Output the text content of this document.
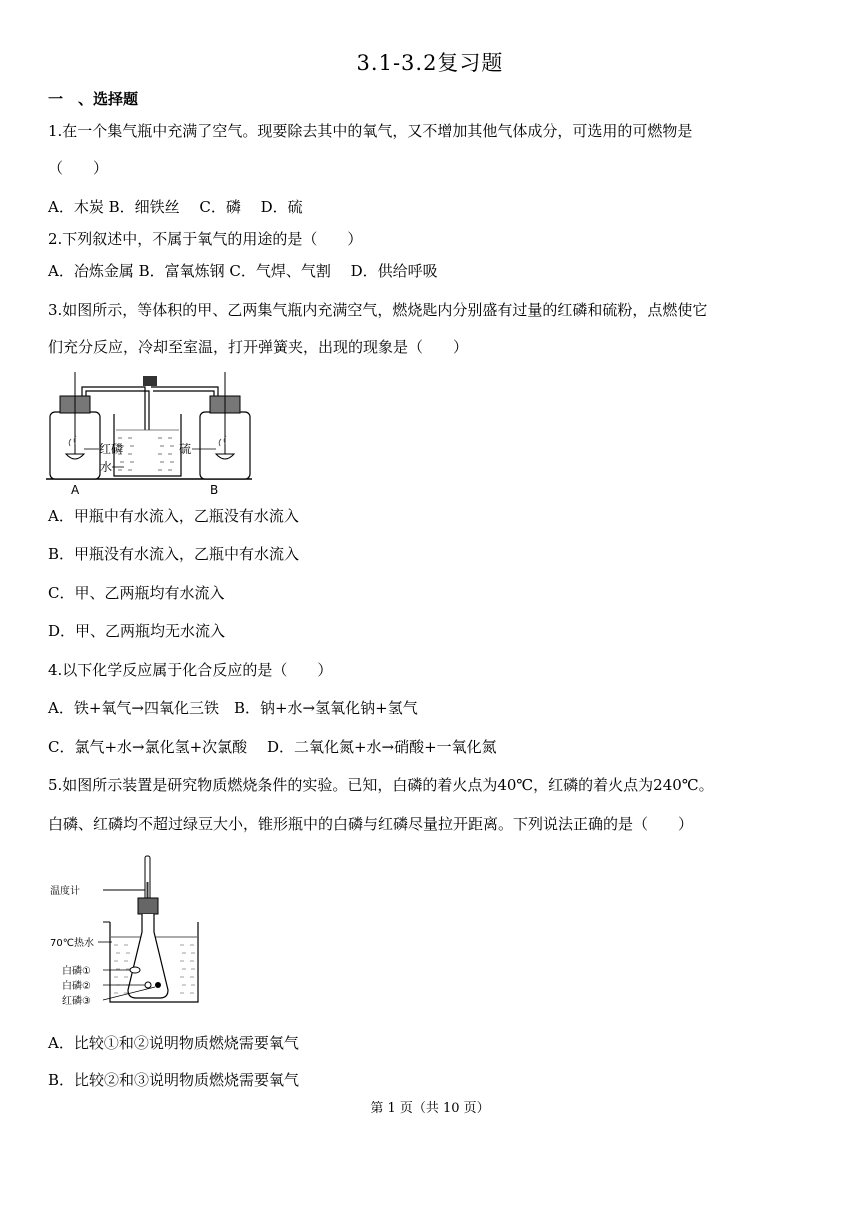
3.1-3.2复习题
一　、选择题
1.在一个集气瓶中充满了空气。现要除去其中的氧气，又不增加其他气体成分，可选用的可燃物是
（　　）
A．木炭 B．细铁丝　 C．磷　 D．硫
2.下列叙述中，不属于氧气的用途的是（　　）
A．冶炼金属 B．富氧炼钢 C．气焊、气割　 D．供给呼吸
3.如图所示，等体积的甲、乙两集气瓶内充满空气，燃烧匙内分别盛有过量的红磷和硫粉，点燃使它
们充分反应，冷却至室温，打开弹簧夹，出现的现象是（　　）
红磷
水
硫
A	B
A．甲瓶中有水流入，乙瓶没有水流入
B．甲瓶没有水流入，乙瓶中有水流入
C．甲、乙两瓶均有水流入
D．甲、乙两瓶均无水流入
4.以下化学反应属于化合反应的是（　　）
A．铁+氧气→四氧化三铁　B．钠+水→氢氧化钠+氢气
C．氯气+水→氯化氢+次氯酸　 D．二氧化氮+水→硝酸+一氧化氮
5.如图所示装置是研究物质燃烧条件的实验。已知，白磷的着火点为40℃，红磷的着火点为240℃。
白磷、红磷均不超过绿豆大小，锥形瓶中的白磷与红磷尽量拉开距离。下列说法正确的是（　　）
温度计
70℃热水
白磷①
白磷②
红磷③
A．比较①和②说明物质燃烧需要氧气
B．比较②和③说明物质燃烧需要氧气
第 1 页（共 10 页）
